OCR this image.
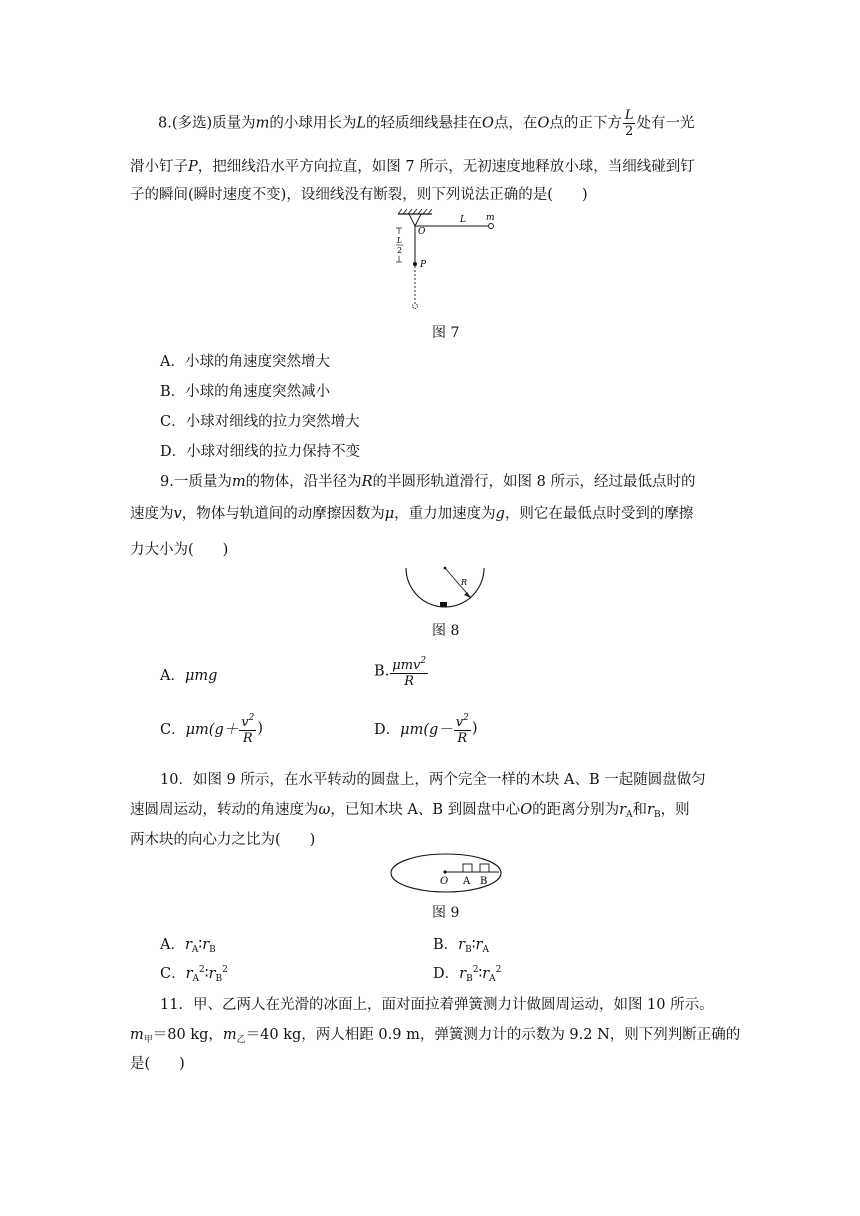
8.(多选)质量为m的小球用长为L的轻质细线悬挂在O点，在O点的正下方 $\frac{L}{2}$ 处有一光
滑小钉子P，把细线沿水平方向拉直，如图 7 所示，无初速度地释放小球，当细线碰到钉
子的瞬间(瞬时速度不变)，设细线没有断裂，则下列说法正确的是(　　)
L
2
O
L m
P
图 7
A．小球的角速度突然增大
B．小球的角速度突然减小
C．小球对细线的拉力突然增大
D．小球对细线的拉力保持不变
9.一质量为m的物体，沿半径为R的半圆形轨道滑行，如图 8 所示，经过最低点时的
速度为v，物体与轨道间的动摩擦因数为μ，重力加速度为g，则它在最低点时受到的摩擦
力大小为(　　)
R
图 8
A．μmg	B. $\frac{\mu mv^2}{R}$
C．$\mu m(g+ \frac{v^2}{R}$ )	D．$\mu m(g- \frac{v^2}{R}$ )
10．如图 9 所示，在水平转动的圆盘上，两个完全一样的木块 A、B 一起随圆盘做匀
速圆周运动，转动的角速度为ω，已知木块 A、B 到圆盘中心O的距离分别为$r_A$和$r_B$，则
两木块的向心力之比为(　　)
O A B
图 9
A．$r_A∶r_B$	B．$r_B∶r_A$
C．$r_A^2∶r_B^2$	D．$r_B^2∶r_A^2$
11．甲、乙两人在光滑的冰面上，面对面拉着弹簧测力计做圆周运动，如图 10 所示。
$m_甲=80$ kg，$m_乙=40$ kg，两人相距 0.9 m，弹簧测力计的示数为 9.2 N，则下列判断正确的
是(　　)
